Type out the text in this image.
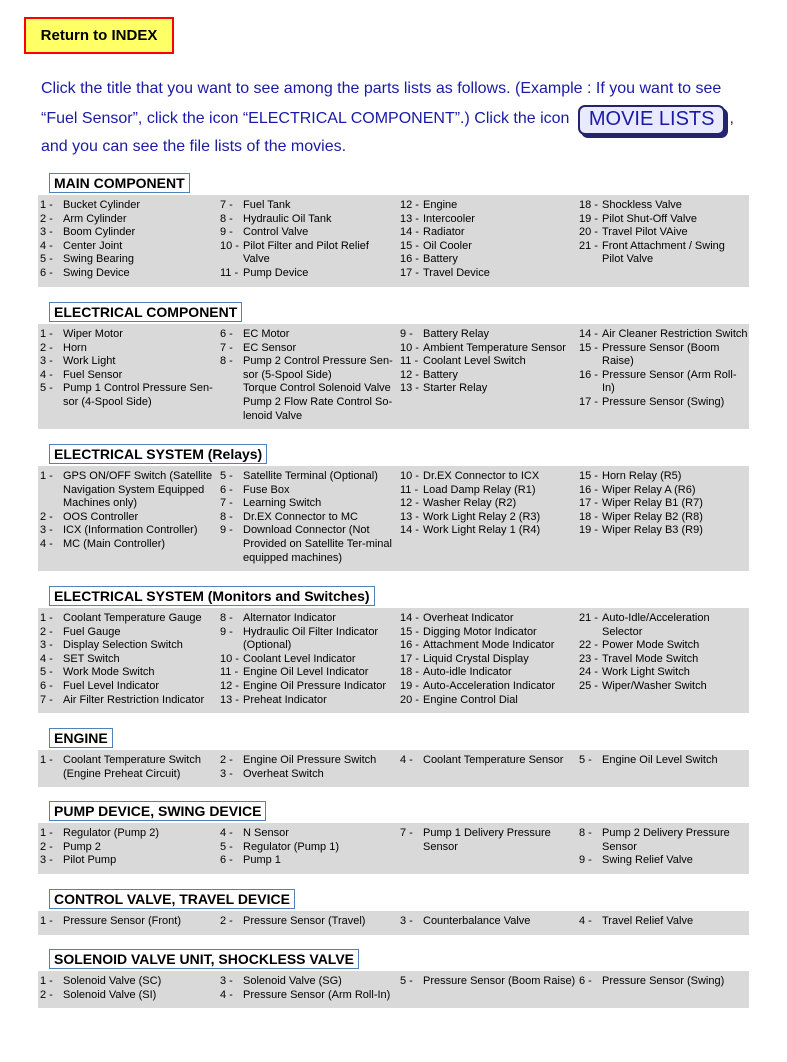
Return to INDEX
Click the title that you want to see among the parts lists as follows. (Example : If you want to see “Fuel Sensor”, click the icon “ELECTRICAL COMPONENT”.) Click the icon MOVIE LISTS , and you can see the file lists of the movies.
MAIN COMPONENT
1 - Bucket Cylinder
2 - Arm Cylinder
3 - Boom Cylinder
4 - Center Joint
5 - Swing Bearing
6 - Swing Device
7 - Fuel Tank
8 - Hydraulic Oil Tank
9 - Control Valve
10 - Pilot Filter and Pilot Relief Valve
11 - Pump Device
12 - Engine
13 - Intercooler
14 - Radiator
15 - Oil Cooler
16 - Battery
17 - Travel Device
18 - Shockless Valve
19 - Pilot Shut-Off Valve
20 - Travel Pilot VAive
21 - Front Attachment / Swing Pilot Valve
ELECTRICAL COMPONENT
1 - Wiper Motor
2 - Horn
3 - Work Light
4 - Fuel Sensor
5 - Pump 1 Control Pressure Sen-sor (4-Spool Side)
6 - EC Motor
7 - EC Sensor
8 - Pump 2 Control Pressure Sen-sor (5-Spool Side)
Torque Control Solenoid Valve
Pump 2 Flow Rate Control So-lenoid Valve
9 - Battery Relay
10 - Ambient Temperature Sensor
11 - Coolant Level Switch
12 - Battery
13 - Starter Relay
14 - Air Cleaner Restriction Switch
15 - Pressure Sensor (Boom Raise)
16 - Pressure Sensor (Arm Roll-In)
17 - Pressure Sensor (Swing)
ELECTRICAL SYSTEM (Relays)
1 - GPS ON/OFF Switch (Satellite Navigation System Equipped Machines only)
2 - OOS Controller
3 - ICX (Information Controller)
4 - MC (Main Controller)
5 - Satellite Terminal (Optional)
6 - Fuse Box
7 - Learning Switch
8 - Dr.EX Connector to MC
9 - Download Connector (Not Provided on Satellite Ter-minal equipped machines)
10 - Dr.EX Connector to ICX
11 - Load Damp Relay (R1)
12 - Washer Relay (R2)
13 - Work Light Relay 2 (R3)
14 - Work Light Relay 1 (R4)
15 - Horn Relay (R5)
16 - Wiper Relay A (R6)
17 - Wiper Relay B1 (R7)
18 - Wiper Relay B2 (R8)
19 - Wiper Relay B3 (R9)
ELECTRICAL SYSTEM (Monitors and Switches)
1 - Coolant Temperature Gauge
2 - Fuel Gauge
3 - Display Selection Switch
4 - SET Switch
5 - Work Mode Switch
6 - Fuel Level Indicator
7 - Air Filter Restriction Indicator
8 - Alternator Indicator
9 - Hydraulic Oil Filter Indicator (Optional)
10 - Coolant Level Indicator
11 - Engine Oil Level Indicator
12 - Engine Oil Pressure Indicator
13 - Preheat Indicator
14 - Overheat Indicator
15 - Digging Motor Indicator
16 - Attachment Mode Indicator
17 - Liquid Crystal Display
18 - Auto-idle Indicator
19 - Auto-Acceleration Indicator
20 - Engine Control Dial
21 - Auto-Idle/Acceleration Selector
22 - Power Mode Switch
23 - Travel Mode Switch
24 - Work Light Switch
25 - Wiper/Washer Switch
ENGINE
1 - Coolant Temperature Switch (Engine Preheat Circuit)
2 - Engine Oil Pressure Switch
3 - Overheat Switch
4 - Coolant Temperature Sensor	5 - Engine Oil Level Switch
PUMP DEVICE, SWING DEVICE
1 - Regulator (Pump 2)
2 - Pump 2
3 - Pilot Pump
4 - N Sensor
5 - Regulator (Pump 1)
6 - Pump 1
7 - Pump 1 Delivery Pressure Sensor
8 - Pump 2 Delivery Pressure Sensor
9 - Swing Relief Valve
CONTROL VALVE, TRAVEL DEVICE
1 - Pressure Sensor (Front)	2 - Pressure Sensor (Travel)	3 - Counterbalance Valve	4 - Travel Relief Valve
SOLENOID VALVE UNIT, SHOCKLESS VALVE
1 - Solenoid Valve (SC)
2 - Solenoid Valve (SI)
3 - Solenoid Valve (SG)
4 - Pressure Sensor (Arm Roll-In)
5 - Pressure Sensor (Boom Raise) 6 - Pressure Sensor (Swing)
